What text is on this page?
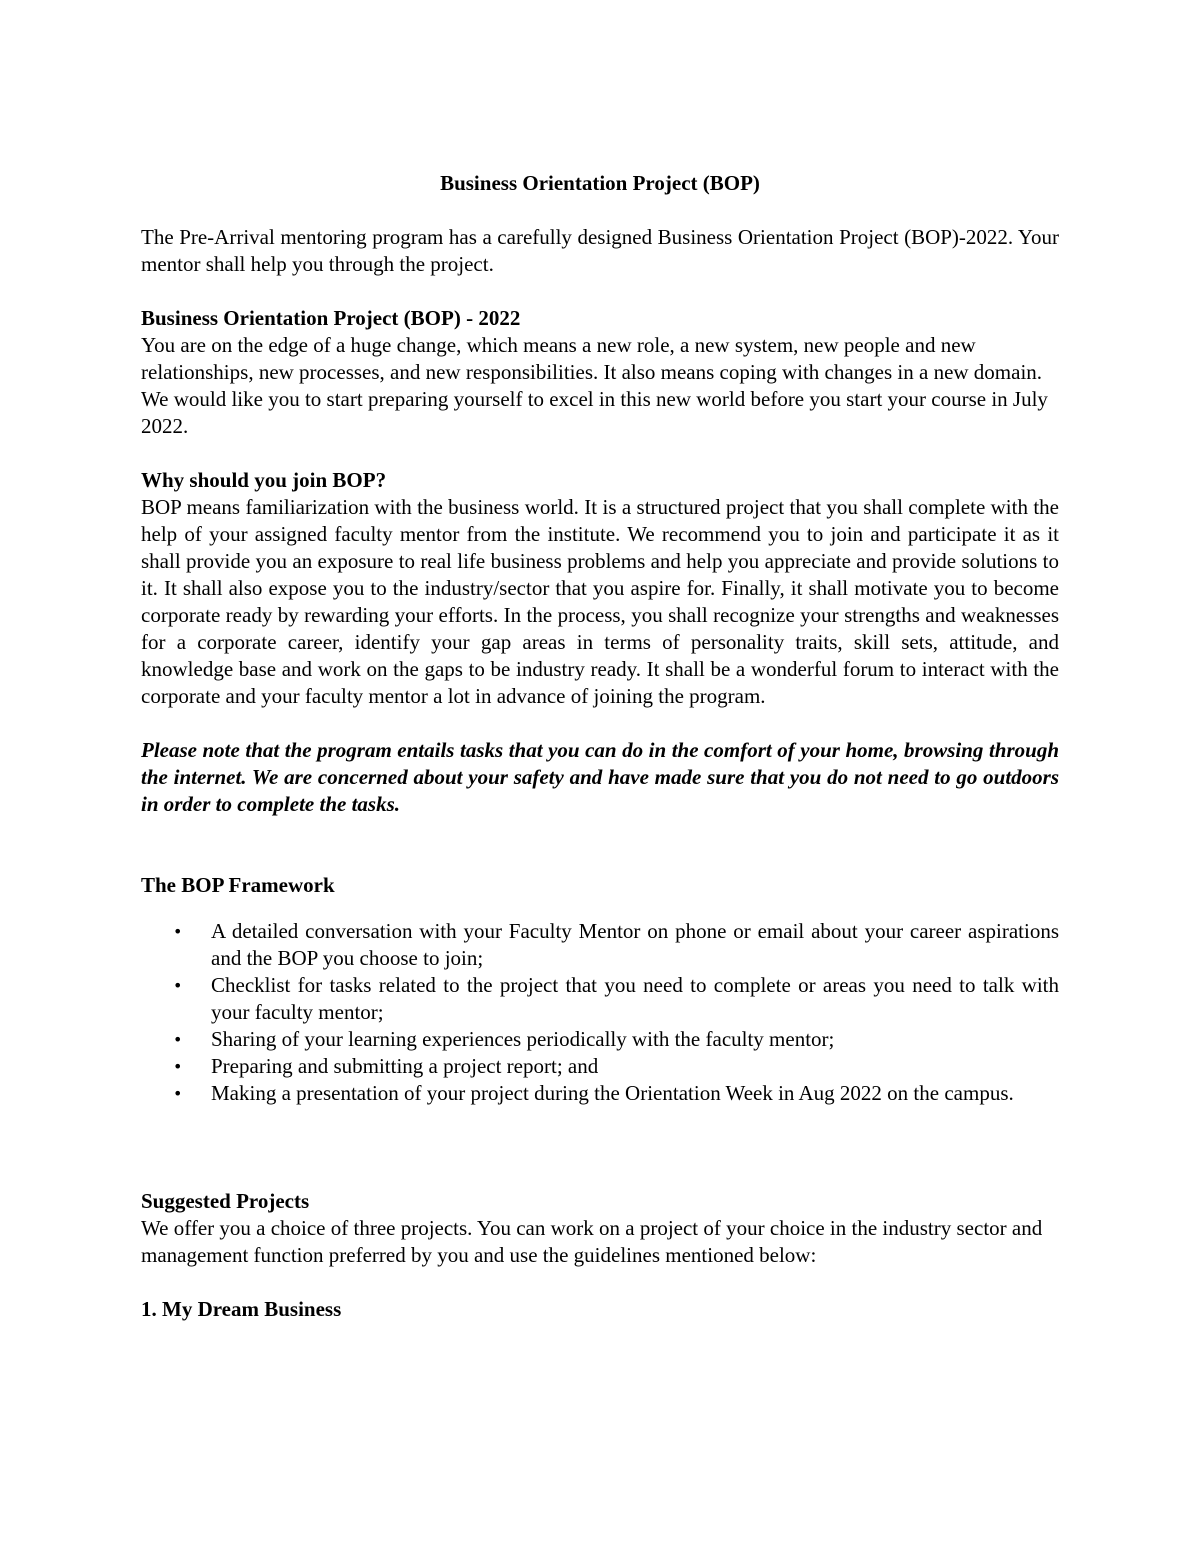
Business Orientation Project (BOP)

The Pre-Arrival mentoring program has a carefully designed Business Orientation Project (BOP)-2022. Your mentor shall help you through the project.

Business Orientation Project (BOP) - 2022

You are on the edge of a huge change, which means a new role, a new system, new people and new relationships, new processes, and new responsibilities. It also means coping with changes in a new domain. We would like you to start preparing yourself to excel in this new world before you start your course in July 2022.

Why should you join BOP?

BOP means familiarization with the business world. It is a structured project that you shall complete with the help of your assigned faculty mentor from the institute. We recommend you to join and participate it as it shall provide you an exposure to real life business problems and help you appreciate and provide solutions to it. It shall also expose you to the industry/sector that you aspire for. Finally, it shall motivate you to become corporate ready by rewarding your efforts. In the process, you shall recognize your strengths and weaknesses for a corporate career, identify your gap areas in terms of personality traits, skill sets, attitude, and knowledge base and work on the gaps to be industry ready. It shall be a wonderful forum to interact with the corporate and your faculty mentor a lot in advance of joining the program.

Please note that the program entails tasks that you can do in the comfort of your home, browsing through the internet. We are concerned about your safety and have made sure that you do not need to go outdoors in order to complete the tasks.

The BOP Framework
• A detailed conversation with your Faculty Mentor on phone or email about your career aspirations and the BOP you choose to join;
• Checklist for tasks related to the project that you need to complete or areas you need to talk with your faculty mentor;
• Sharing of your learning experiences periodically with the faculty mentor;
• Preparing and submitting a project report; and
• Making a presentation of your project during the Orientation Week in Aug 2022 on the campus.
Suggested Projects

We offer you a choice of three projects. You can work on a project of your choice in the industry sector and management function preferred by you and use the guidelines mentioned below:

1. My Dream Business
